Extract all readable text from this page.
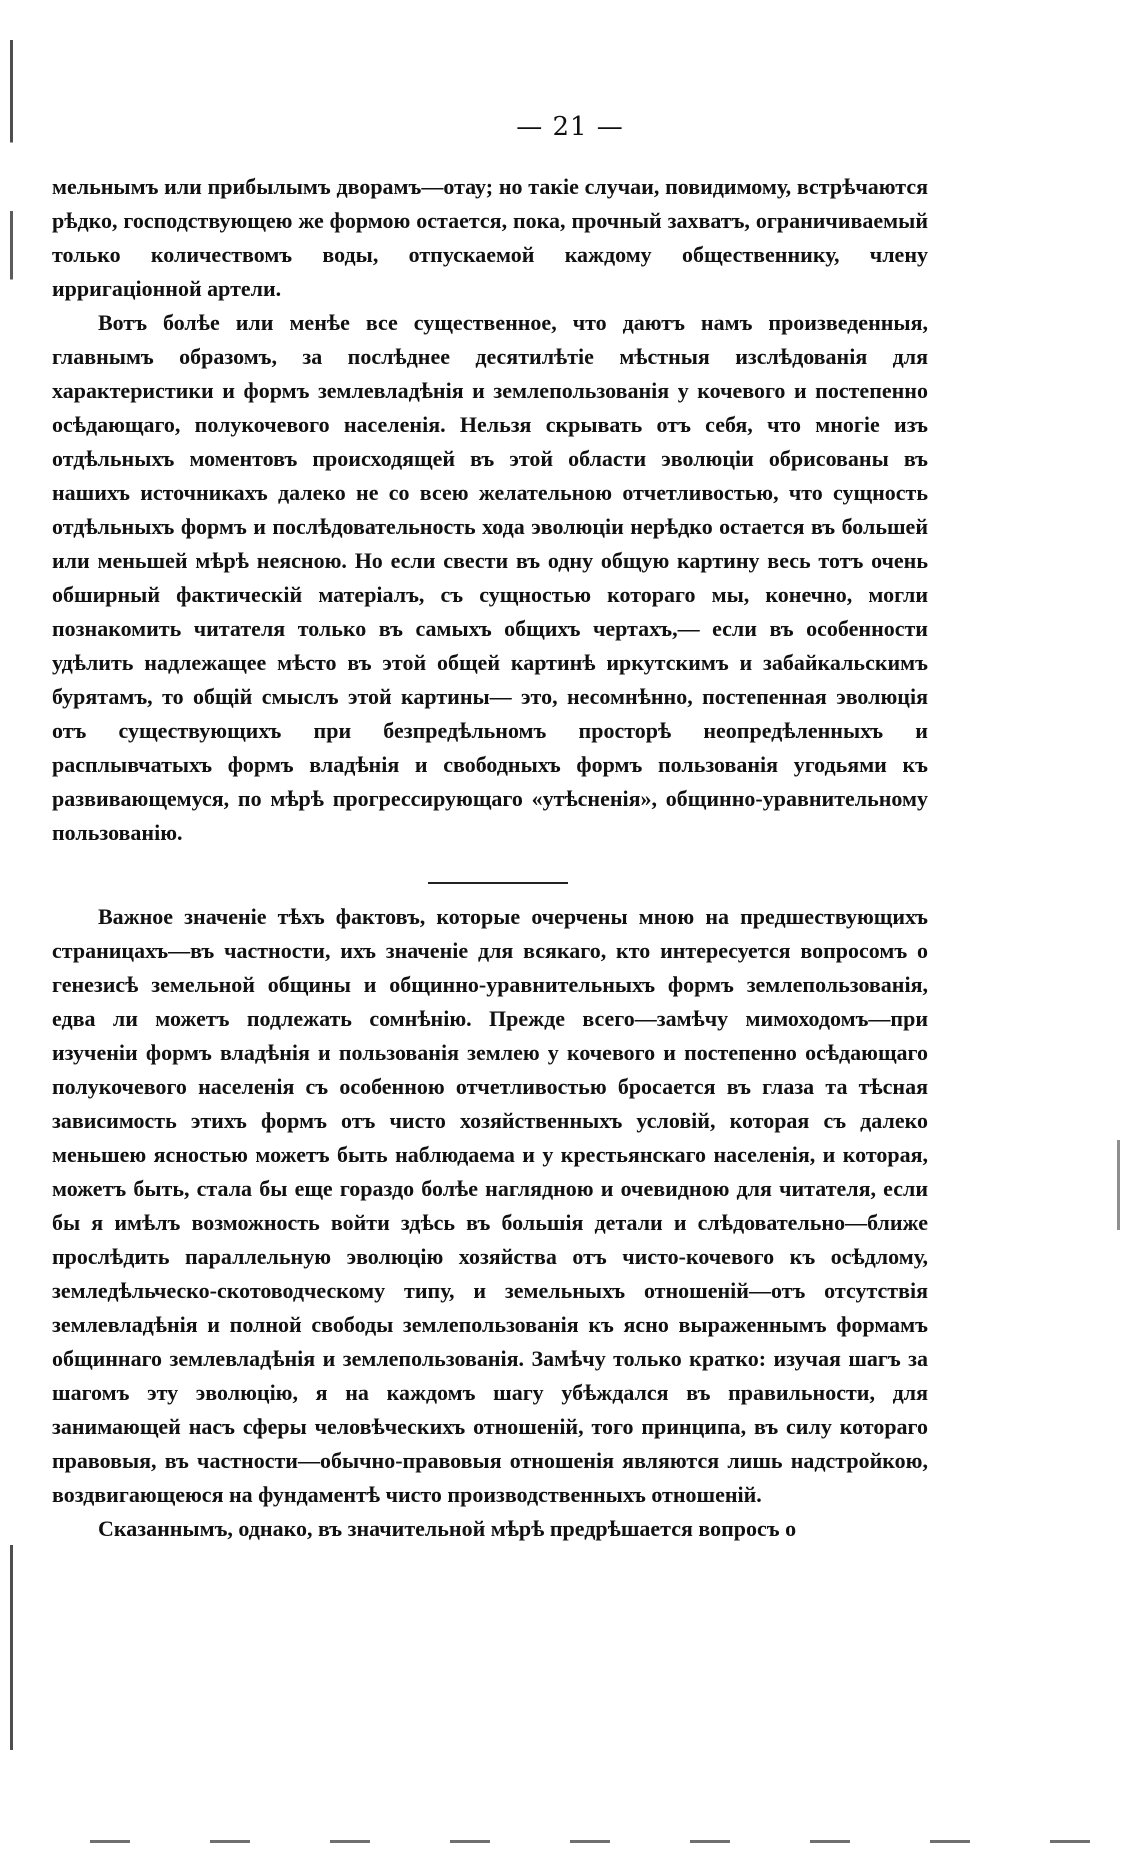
— 21 —

мельнымъ или прибылымъ дворамъ—отау; но такіе случаи, повидимому, встрѣчаются рѣдко, господствующею же формою остается, пока, прочный захватъ, ограничиваемый только количествомъ воды, отпускаемой каждому общественнику, члену ирригаціонной артели.

Вотъ болѣе или менѣе все существенное, что даютъ намъ произведенныя, главнымъ образомъ, за послѣднее десятилѣтіе мѣстныя изслѣдованія для характеристики и формъ землевладѣнія и землепользованія у кочевого и постепенно осѣдающаго, полукочевого населенія. Нельзя скрывать отъ себя, что многіе изъ отдѣльныхъ моментовъ происходящей въ этой области эволюціи обрисованы въ нашихъ источникахъ далеко не со всею желательною отчетливостью, что сущность отдѣльныхъ формъ и послѣдовательность хода эволюціи нерѣдко остается въ большей или меньшей мѣрѣ неясною. Но если свести въ одну общую картину весь тотъ очень обширный фактическій матеріалъ, съ сущностью котораго мы, конечно, могли познакомить читателя только въ самыхъ общихъ чертахъ,— если въ особенности удѣлить надлежащее мѣсто въ этой общей картинѣ иркутскимъ и забайкальскимъ бурятамъ, то общій смыслъ этой картины— это, несомнѣнно, постепенная эволюція отъ существующихъ при безпредѣльномъ просторѣ неопредѣленныхъ и расплывчатыхъ формъ владѣнія и свободныхъ формъ пользованія угодьями къ развивающемуся, по мѣрѣ прогрессирующаго «утѣсненія», общинно-уравнительному пользованію.

Важное значеніе тѣхъ фактовъ, которые очерчены мною на предшествующихъ страницахъ—въ частности, ихъ значеніе для всякаго, кто интересуется вопросомъ о генезисѣ земельной общины и общинно-уравнительныхъ формъ землепользованія, едва ли можетъ подлежать сомнѣнію. Прежде всего—замѣчу мимоходомъ—при изученіи формъ владѣнія и пользованія землею у кочевого и постепенно осѣдающаго полукочевого населенія съ особенною отчетливостью бросается въ глаза та тѣсная зависимость этихъ формъ отъ чисто хозяйственныхъ условій, которая съ далеко меньшею ясностью можетъ быть наблюдаема и у крестьянскаго населенія, и которая, можетъ быть, стала бы еще гораздо болѣе наглядною и очевидною для читателя, если бы я имѣлъ возможность войти здѣсь въ большія детали и слѣдовательно—ближе прослѣдить параллельную эволюцію хозяйства отъ чисто-кочевого къ осѣдлому, земледѣльческо-скотоводческому типу, и земельныхъ отношеній—отъ отсутствія землевладѣнія и полной свободы землепользованія къ ясно выраженнымъ формамъ общиннаго землевладѣнія и землепользованія. Замѣчу только кратко: изучая шагъ за шагомъ эту эволюцію, я на каждомъ шагу убѣждался въ правильности, для занимающей насъ сферы человѣческихъ отношеній, того принципа, въ силу котораго правовыя, въ частности—обычно-правовыя отношенія являются лишь надстройкою, воздвигающеюся на фундаментѣ чисто производственныхъ отношеній.

Сказаннымъ, однако, въ значительной мѣрѣ предрѣшается вопросъ о
